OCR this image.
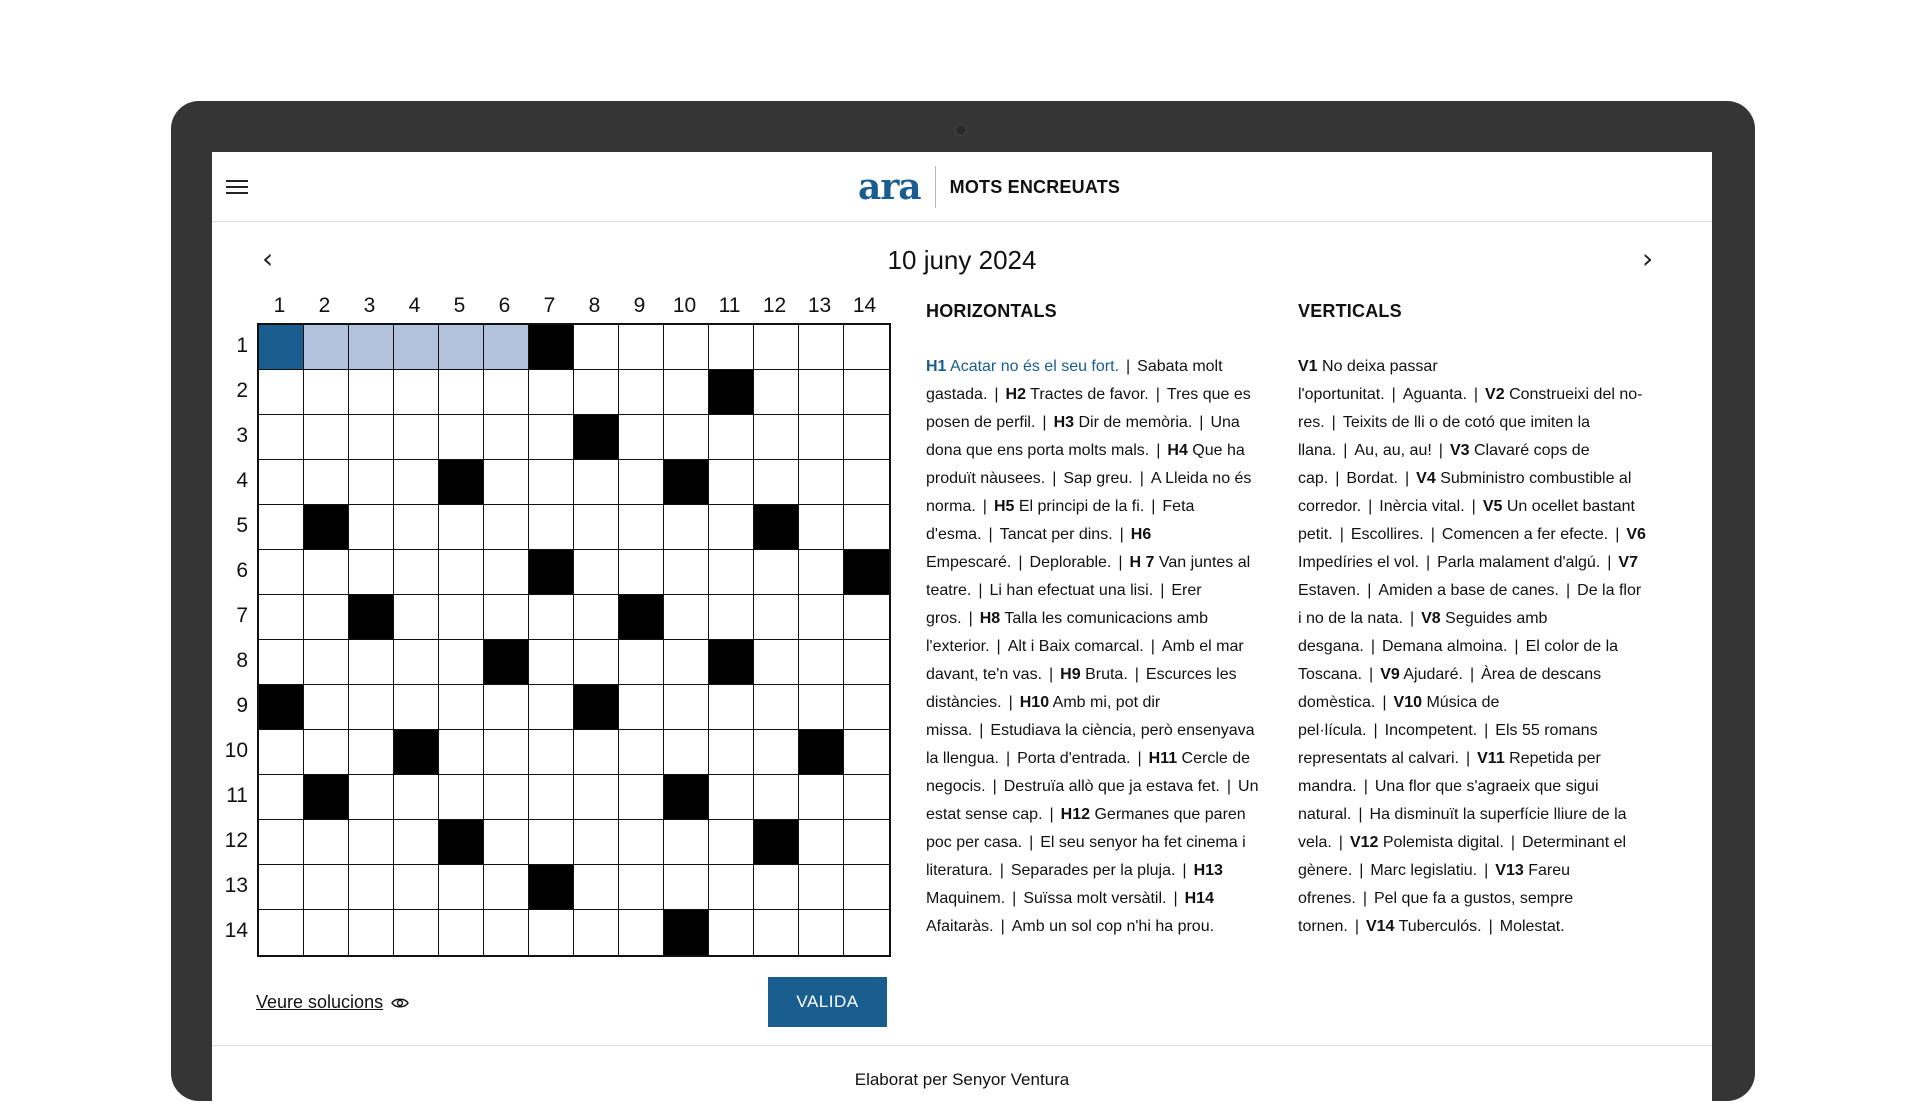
ara	MOTS ENCREUATS
‹	10 juny 2024	›
1	2	3	4	5	6	7	8	9	10	11	12	13	14
1
2
3
4
5
6
7
8
9
10
11
12
13
14
Veure solucions	VALIDA
HORIZONTALS
H1 Acatar no és el seu fort. | Sabata molt gastada. | H2 Tractes de favor. | Tres que es posen de perfil. | H3 Dir de memòria. | Una dona que ens porta molts mals. | H4 Que ha produït nàusees. | Sap greu. | A Lleida no és norma. | H5 El principi de la fi. | Feta d'esma. | Tancat per dins. | H6 Empescaré. | Deplorable. | H 7 Van juntes al teatre. | Li han efectuat una lisi. | Erer gros. | H8 Talla les comunicacions amb l'exterior. | Alt i Baix comarcal. | Amb el mar davant, te'n vas. | H9 Bruta. | Escurces les distàncies. | H10 Amb mi, pot dir missa. | Estudiava la ciència, però ensenyava la llengua. | Porta d'entrada. | H11 Cercle de negocis. | Destruïa allò que ja estava fet. | Un estat sense cap. | H12 Germanes que paren poc per casa. | El seu senyor ha fet cinema i literatura. | Separades per la pluja. | H13 Maquinem. | Suïssa molt versàtil. | H14 Afaitaràs. | Amb un sol cop n'hi ha prou.
VERTICALS
V1 No deixa passar l'oportunitat. | Aguanta. | V2 Construeixi del no-res. | Teixits de lli o de cotó que imiten la llana. | Au, au, au! | V3 Clavaré cops de cap. | Bordat. | V4 Subministro combustible al corredor. | Inèrcia vital. | V5 Un ocellet bastant petit. | Escollires. | Comencen a fer efecte. | V6 Impedíries el vol. | Parla malament d'algú. | V7 Estaven. | Amiden a base de canes. | De la flor i no de la nata. | V8 Seguides amb desgana. | Demana almoina. | El color de la Toscana. | V9 Ajudaré. | Àrea de descans domèstica. | V10 Música de pel·lícula. | Incompetent. | Els 55 romans representats al calvari. | V11 Repetida per mandra. | Una flor que s'agraeix que sigui natural. | Ha disminuït la superfície lliure de la vela. | V12 Polemista digital. | Determinant el gènere. | Marc legislatiu. | V13 Fareu ofrenes. | Pel que fa a gustos, sempre tornen. | V14 Tuberculós. | Molestat.
Elaborat per Senyor Ventura
